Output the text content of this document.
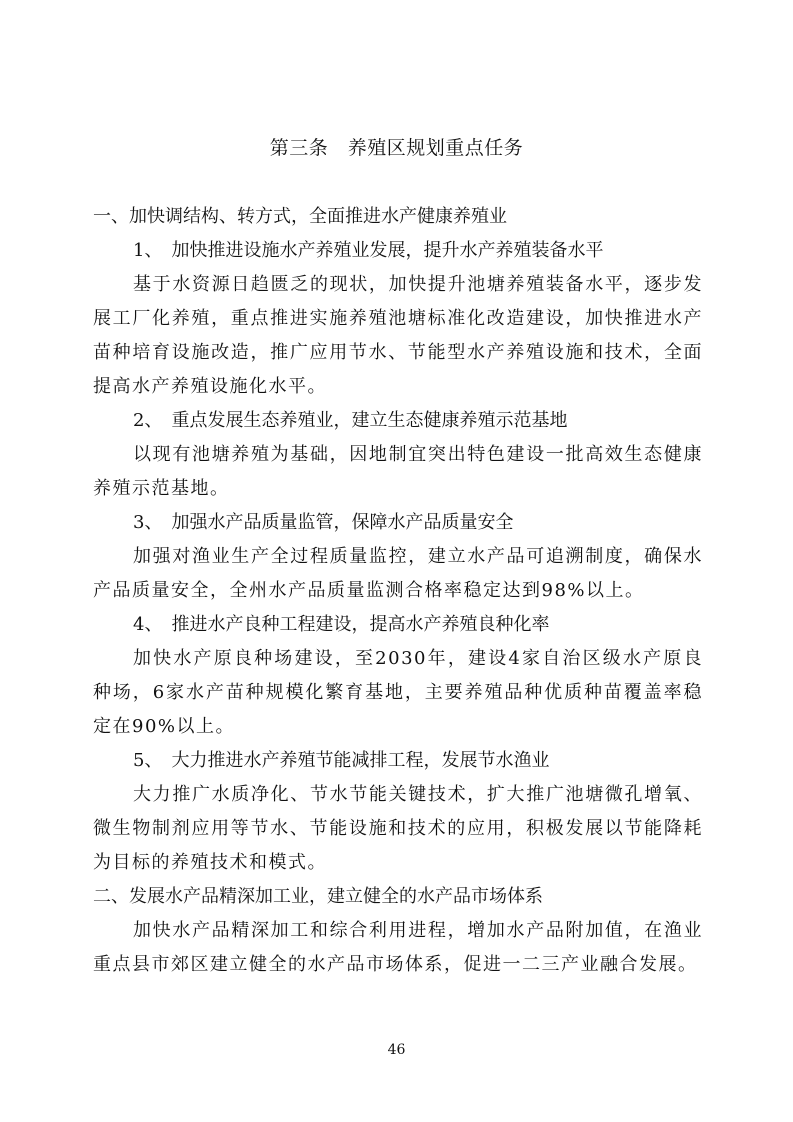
第三条　养殖区规划重点任务
一、加快调结构、转方式，全面推进水产健康养殖业
1、　加快推进设施水产养殖业发展，提升水产养殖装备水平
基于水资源日趋匮乏的现状，加快提升池塘养殖装备水平，逐步发展工厂化养殖，重点推进实施养殖池塘标准化改造建设，加快推进水产苗种培育设施改造，推广应用节水、节能型水产养殖设施和技术，全面提高水产养殖设施化水平。
2、　重点发展生态养殖业，建立生态健康养殖示范基地
以现有池塘养殖为基础，因地制宜突出特色建设一批高效生态健康养殖示范基地。
3、　加强水产品质量监管，保障水产品质量安全
加强对渔业生产全过程质量监控，建立水产品可追溯制度，确保水产品质量安全，全州水产品质量监测合格率稳定达到98%以上。
4、　推进水产良种工程建设，提高水产养殖良种化率
加快水产原良种场建设，至2030年，建设4家自治区级水产原良种场，6家水产苗种规模化繁育基地，主要养殖品种优质种苗覆盖率稳定在90%以上。
5、　大力推进水产养殖节能减排工程，发展节水渔业
大力推广水质净化、节水节能关键技术，扩大推广池塘微孔增氧、微生物制剂应用等节水、节能设施和技术的应用，积极发展以节能降耗为目标的养殖技术和模式。
二、发展水产品精深加工业，建立健全的水产品市场体系
加快水产品精深加工和综合利用进程，增加水产品附加值，在渔业重点县市郊区建立健全的水产品市场体系，促进一二三产业融合发展。
46
